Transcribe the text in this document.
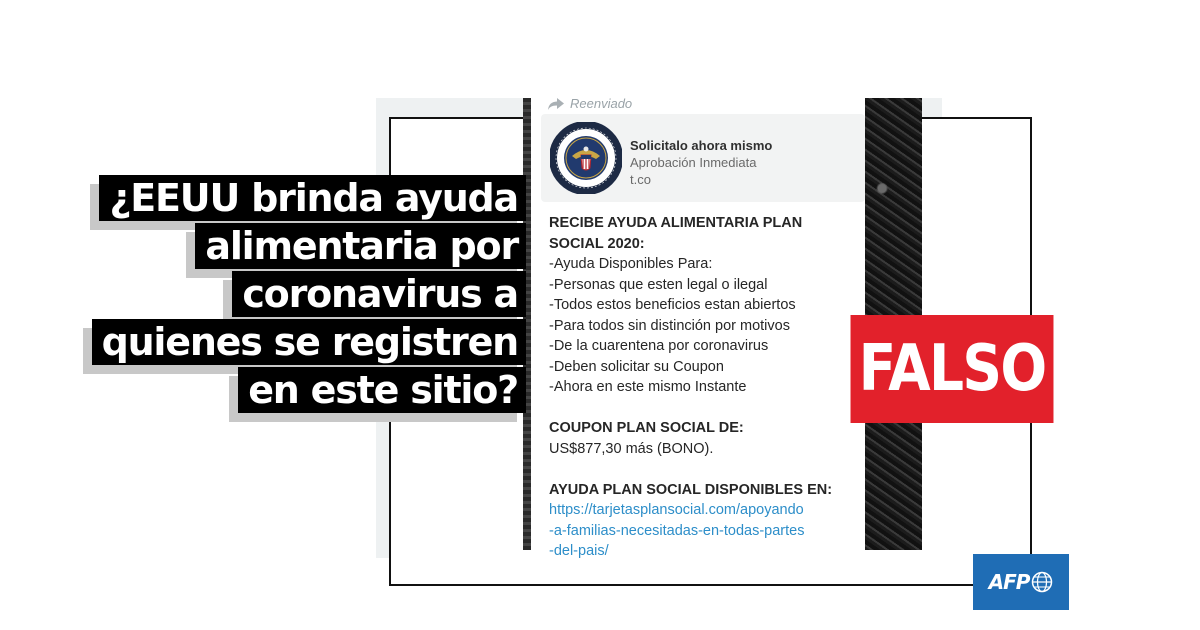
Reenviado
Solicitalo ahora mismo
Aprobación Inmediata
t.co
RECIBE AYUDA ALIMENTARIA PLAN
SOCIAL 2020:
-Ayuda Disponibles Para:
-Personas que esten legal o ilegal
-Todos estos beneficios estan abiertos
-Para todos sin distinción por motivos
-De la cuarentena por coronavirus
-Deben solicitar su Coupon
-Ahora en este mismo Instante
COUPON PLAN SOCIAL DE:
US$877,30 más (BONO).
AYUDA PLAN SOCIAL DISPONIBLES EN:
https://tarjetasplansocial.com/apoyando
-a-familias-necesitadas-en-todas-partes
-del-pais/
¿EEUU brinda ayuda
alimentaria por
coronavirus a
quienes se registren
en este sitio?	FALSO
AFP
